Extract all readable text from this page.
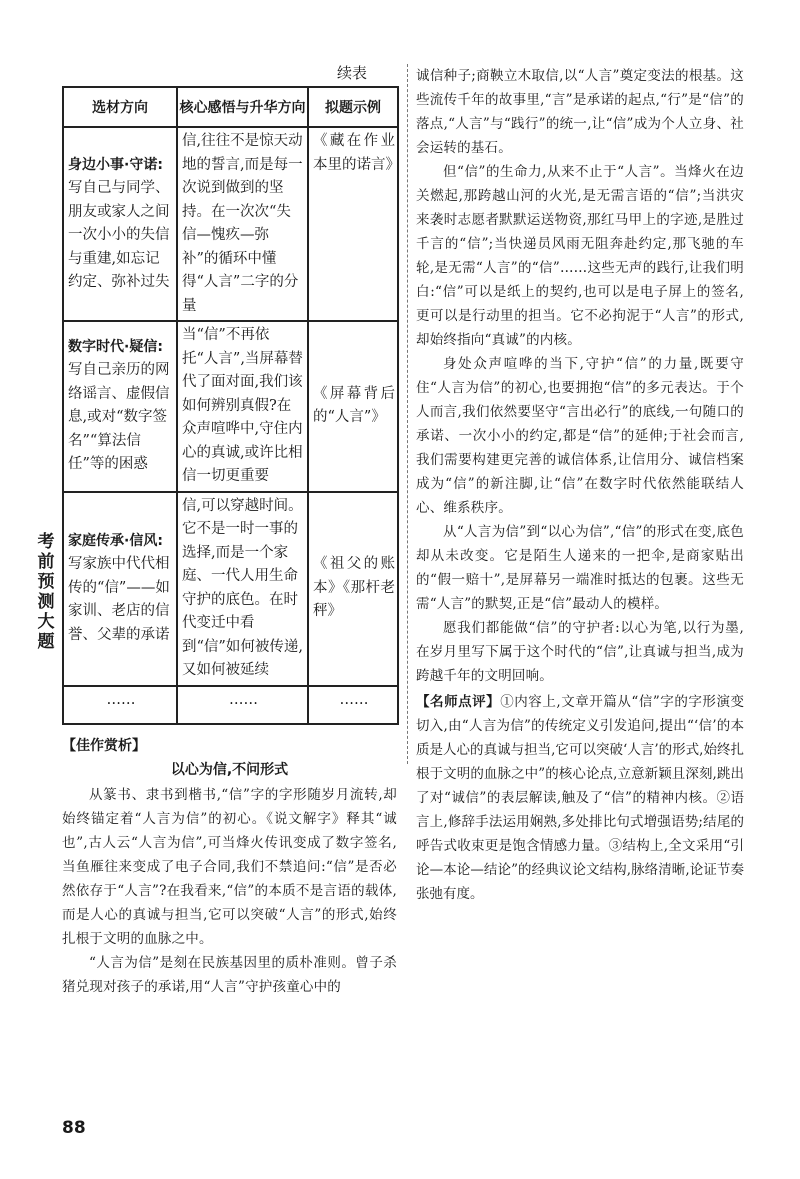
续表
选材方向	核心感悟与升华方向	拟题示例
身边小事·守诺:写自己与同学、朋友或家人之间一次小小的失信与重建,如忘记约定、弥补过失	信,往往不是惊天动地的誓言,而是每一次说到做到的坚持。在一次次“失信—愧疚—弥补”的循环中懂得“人言”二字的分量	《藏在作业本里的诺言》
数字时代·疑信:写自己亲历的网络谣言、虚假信息,或对“数字签名”“算法信任”等的困惑	当“信”不再依托“人言”,当屏幕替代了面对面,我们该如何辨别真假?在众声喧哗中,守住内心的真诚,或许比相信一切更重要	《屏幕背后的“人言”》
家庭传承·信风:写家族中代代相传的“信”——如家训、老店的信誉、父辈的承诺	信,可以穿越时间。它不是一时一事的选择,而是一个家庭、一代人用生命守护的底色。在时代变迁中看到“信”如何被传递,又如何被延续	《祖父的账本》《那杆老秤》
……	……	……
【佳作赏析】
以心为信,不问形式

从篆书、隶书到楷书,“信”字的字形随岁月流转,却始终锚定着“人言为信”的初心。《说文解字》释其“诚也”,古人云“人言为信”,可当烽火传讯变成了数字签名,当鱼雁往来变成了电子合同,我们不禁追问:“信”是否必然依存于“人言”?在我看来,“信”的本质不是言语的载体,而是人心的真诚与担当,它可以突破“人言”的形式,始终扎根于文明的血脉之中。

“人言为信”是刻在民族基因里的质朴准则。曾子杀猪兑现对孩子的承诺,用“人言”守护孩童心中的

诚信种子;商鞅立木取信,以“人言”奠定变法的根基。这些流传千年的故事里,“言”是承诺的起点,“行”是“信”的落点,“人言”与“践行”的统一,让“信”成为个人立身、社会运转的基石。

但“信”的生命力,从来不止于“人言”。当烽火在边关燃起,那跨越山河的火光,是无需言语的“信”;当洪灾来袭时志愿者默默运送物资,那红马甲上的字迹,是胜过千言的“信”;当快递员风雨无阻奔赴约定,那飞驰的车轮,是无需“人言”的“信”……这些无声的践行,让我们明白:“信”可以是纸上的契约,也可以是电子屏上的签名,更可以是行动里的担当。它不必拘泥于“人言”的形式,却始终指向“真诚”的内核。

身处众声喧哗的当下,守护“信”的力量,既要守住“人言为信”的初心,也要拥抱“信”的多元表达。于个人而言,我们依然要坚守“言出必行”的底线,一句随口的承诺、一次小小的约定,都是“信”的延伸;于社会而言,我们需要构建更完善的诚信体系,让信用分、诚信档案成为“信”的新注脚,让“信”在数字时代依然能联结人心、维系秩序。

从“人言为信”到“以心为信”,“信”的形式在变,底色却从未改变。它是陌生人递来的一把伞,是商家贴出的“假一赔十”,是屏幕另一端准时抵达的包裹。这些无需“人言”的默契,正是“信”最动人的模样。

愿我们都能做“信”的守护者:以心为笔,以行为墨,在岁月里写下属于这个时代的“信”,让真诚与担当,成为跨越千年的文明回响。

【名师点评】①内容上,文章开篇从“信”字的字形演变切入,由“人言为信”的传统定义引发追问,提出“‘信’的本质是人心的真诚与担当,它可以突破‘人言’的形式,始终扎根于文明的血脉之中”的核心论点,立意新颖且深刻,跳出了对“诚信”的表层解读,触及了“信”的精神内核。②语言上,修辞手法运用娴熟,多处排比句式增强语势;结尾的呼告式收束更是饱含情感力量。③结构上,全文采用“引论—本论—结论”的经典议论文结构,脉络清晰,论证节奏张弛有度。

考前预测大题
88
